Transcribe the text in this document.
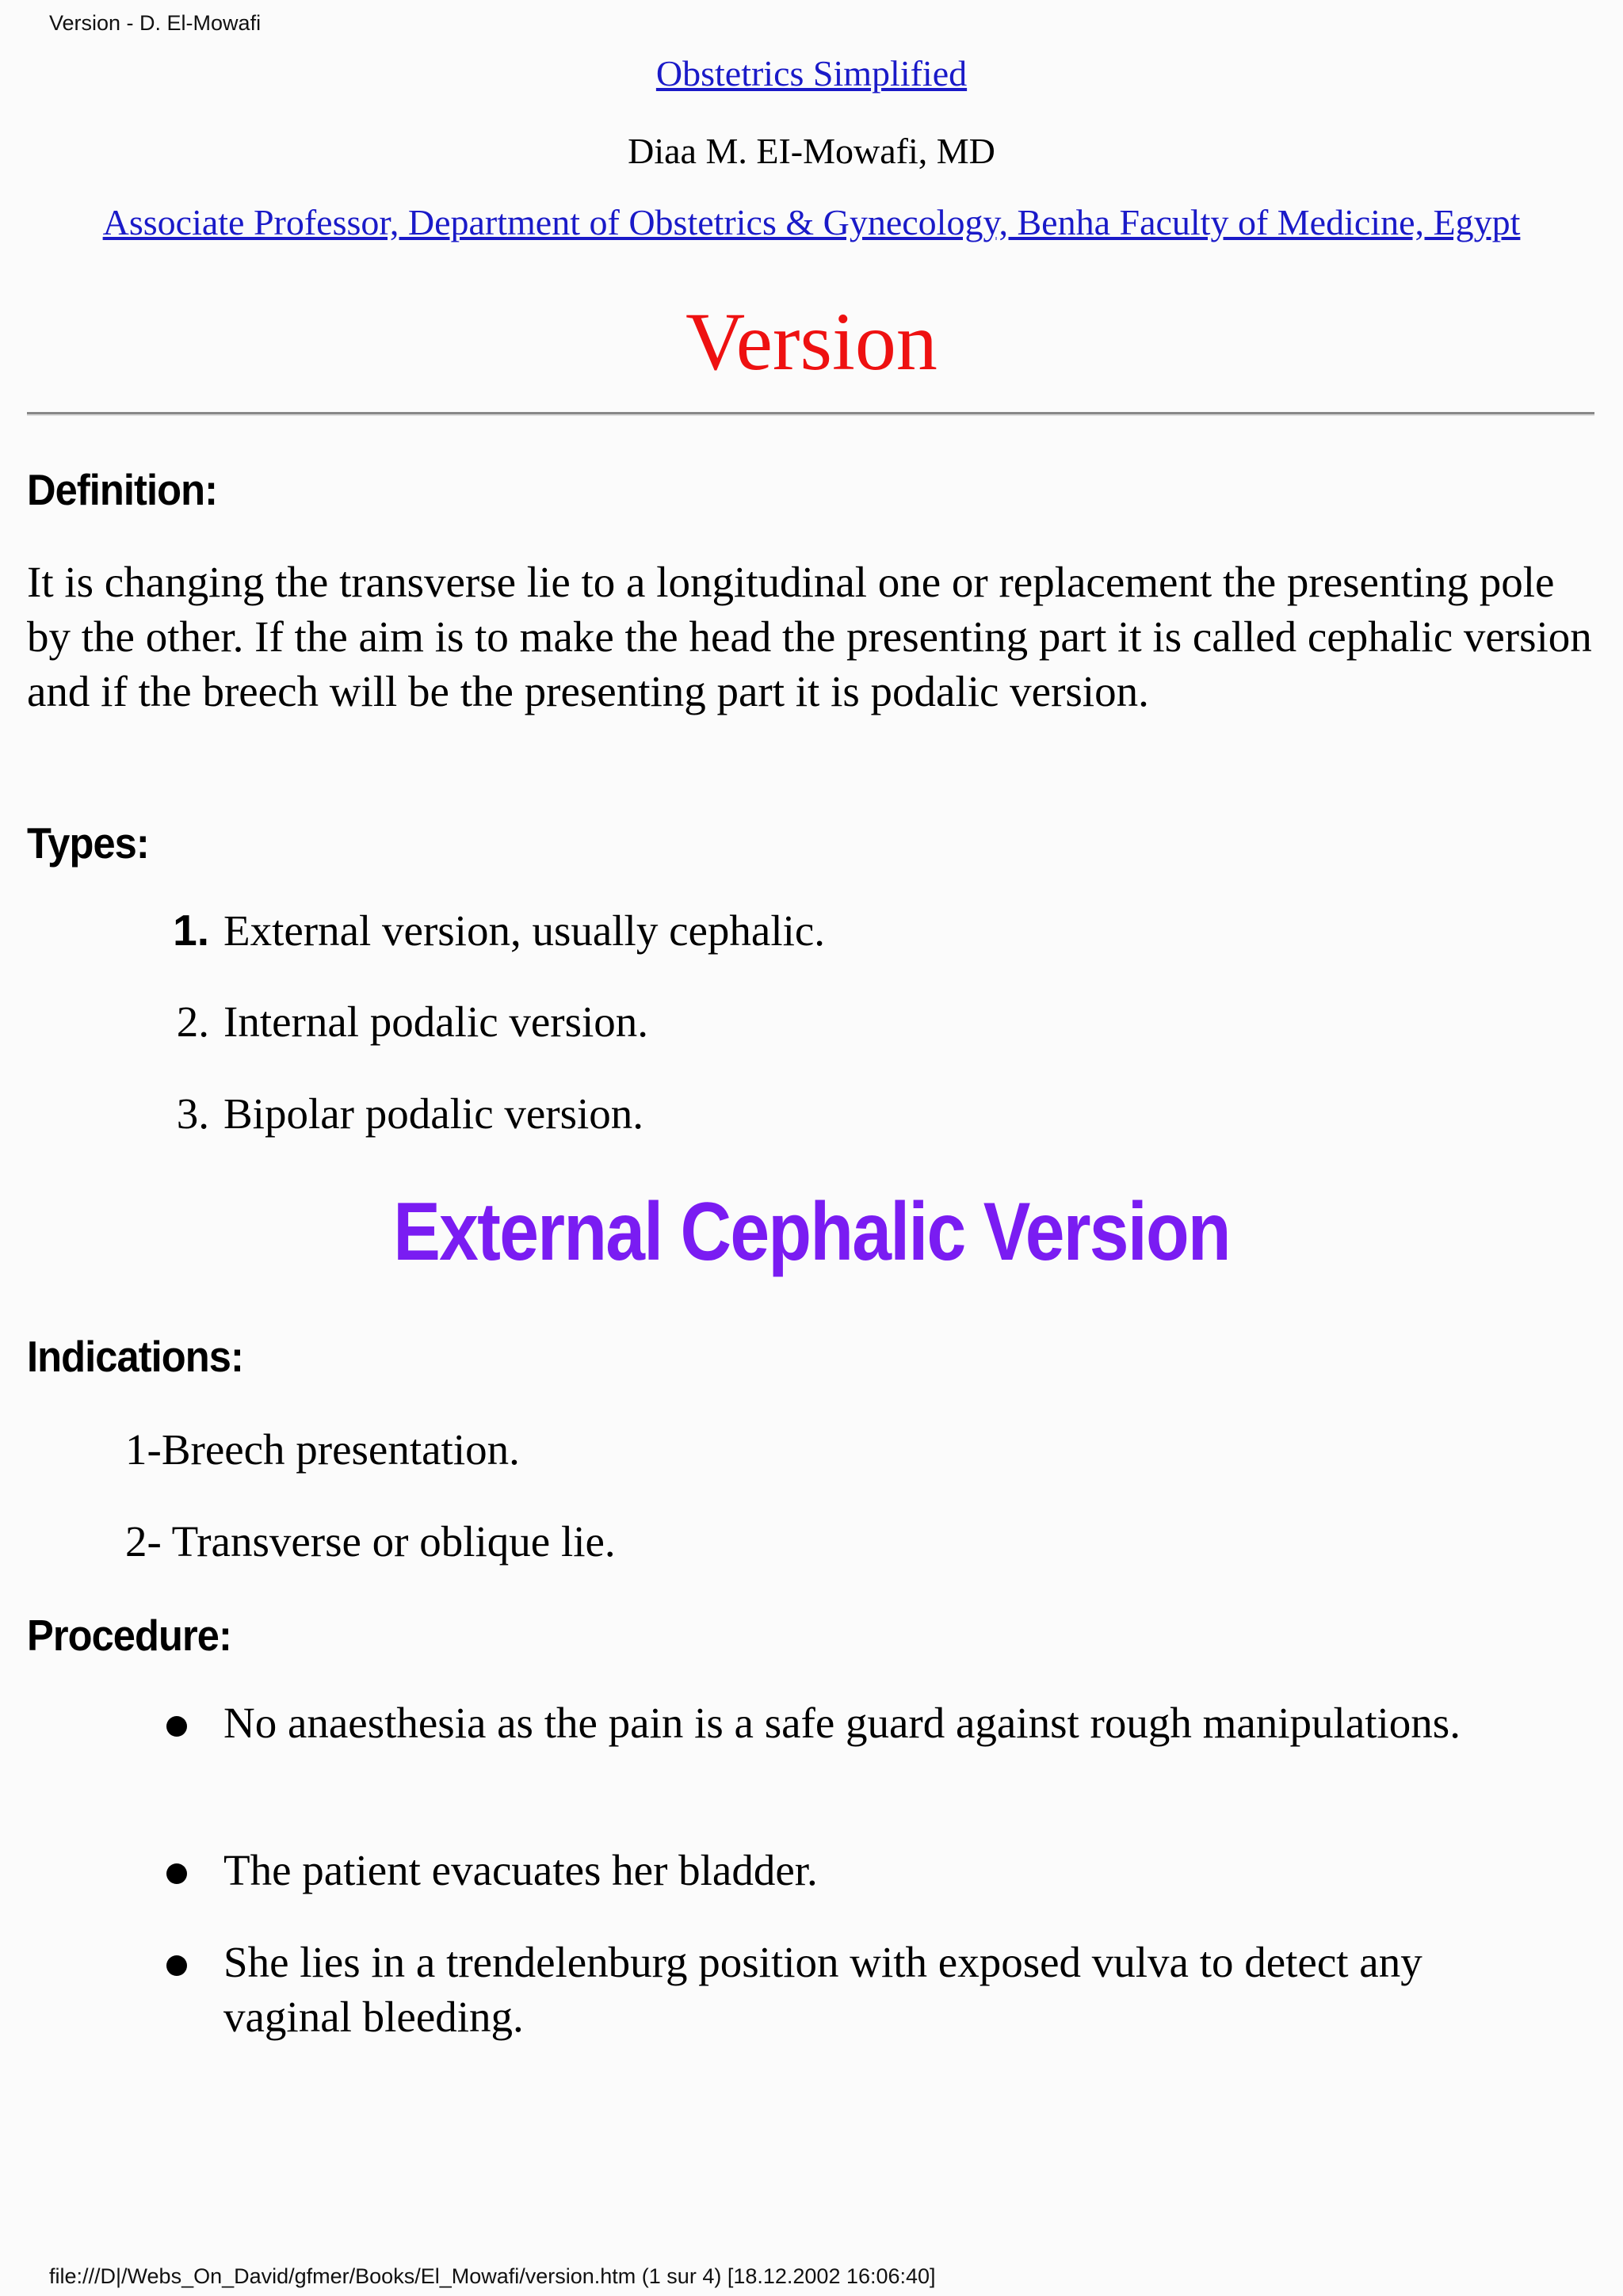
Version - D. El-Mowafi
Obstetrics Simplified
Diaa M. EI-Mowafi, MD
Associate Professor, Department of Obstetrics & Gynecology, Benha Faculty of Medicine, Egypt
Version
Definition:
It is changing the transverse lie to a longitudinal one or replacement the presenting pole by the other. If the aim is to make the head the presenting part it is called cephalic version and if the breech will be the presenting part it is podalic version.
Types:
1. External version, usually cephalic.
2. Internal podalic version.
3. Bipolar podalic version.
External Cephalic Version
Indications:
1-Breech presentation.
2- Transverse or oblique lie.
Procedure:
No anaesthesia as the pain is a safe guard against rough manipulations.
The patient evacuates her bladder.
She lies in a trendelenburg position with exposed vulva to detect any vaginal bleeding.
file:///D|/Webs_On_David/gfmer/Books/El_Mowafi/version.htm (1 sur 4) [18.12.2002 16:06:40]
